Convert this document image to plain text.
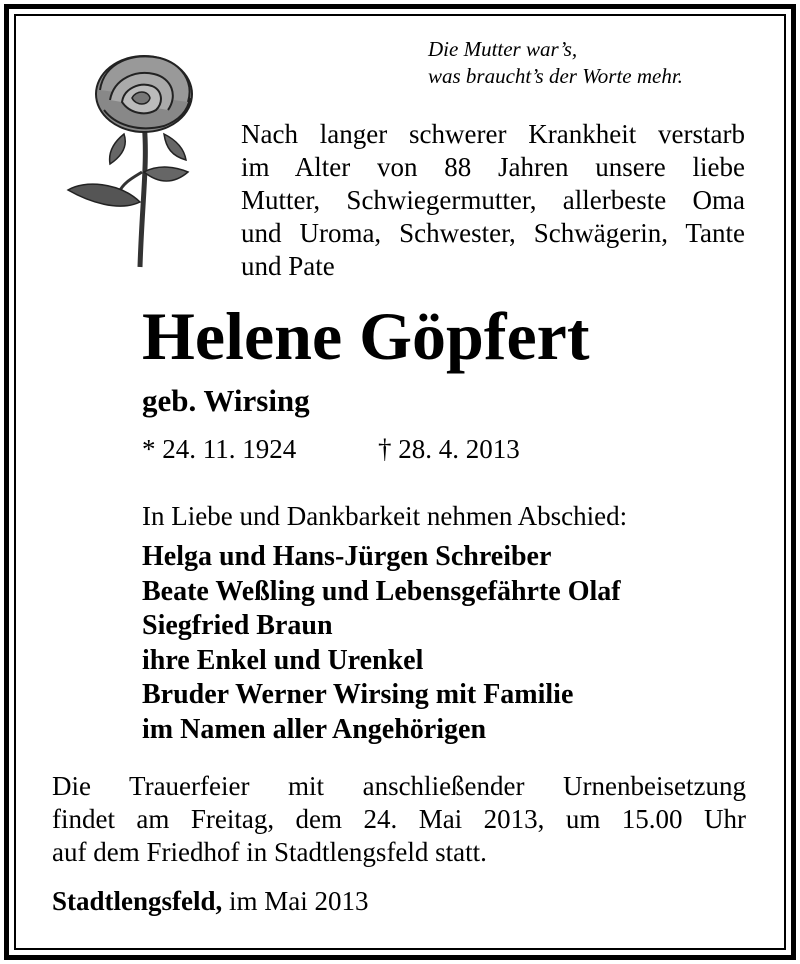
Die Mutter war’s,
was braucht’s der Worte mehr.
Nach langer schwerer Krankheit verstarb
im Alter von 88 Jahren unsere liebe
Mutter, Schwiegermutter, allerbeste Oma
und Uroma, Schwester, Schwägerin, Tante
und Pate
Helene Göpfert
geb. Wirsing
* 24. 11. 1924	† 28. 4. 2013
In Liebe und Dankbarkeit nehmen Abschied:
Helga und Hans-Jürgen Schreiber
Beate Weßling und Lebensgefährte Olaf
Siegfried Braun
ihre Enkel und Urenkel
Bruder Werner Wirsing mit Familie
im Namen aller Angehörigen
Die Trauerfeier mit anschließender Urnenbeisetzung
findet am Freitag, dem 24. Mai 2013, um 15.00 Uhr
auf dem Friedhof in Stadtlengsfeld statt.
Stadtlengsfeld, im Mai 2013
